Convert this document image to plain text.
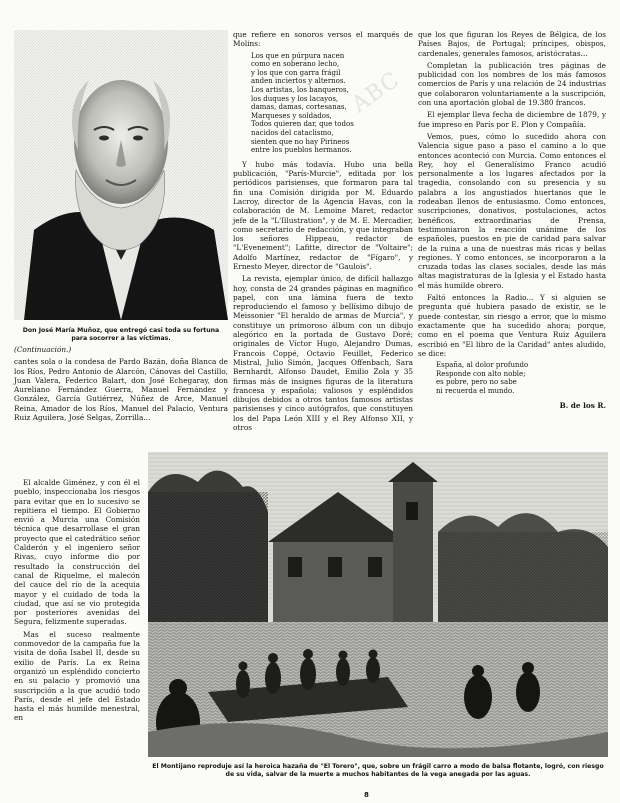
ABC
Don José María Muñoz, que entregó casi toda su fortuna para socorrer a las víctimas.

(Continuación.)

cantes sola o la condesa de Pardo Bazán, doña Blanca de los Ríos, Pedro Antonio de Alarcón, Cánovas del Castillo, Juan Valera, Federico Balart, don José Echegaray, don Aureliano Fernández Guerra, Manuel Fernández y González, García Gutiérrez, Núñez de Arce, Manuel Reina, Amador de los Ríos, Manuel del Palacio, Ventura Ruiz Aguilera, José Selgas, Zorrilla...

El alcalde Giménez, y con él el pueblo, inspeccionaba los riesgos para evitar que en lo sucesivo se repitiera el tiempo. El Gobierno envió a Murcia una Comisión técnica que desarrollase el gran proyecto que el catedrático señor Calderón y el ingeniero señor Rivas, cuyo informe dio por resultado la construcción del canal de Riquelme, el malecón del cauce del río de la acequia mayor y el cuidado de toda la ciudad, que así se vio protegida por posteriores avenidas del Segura, felizmente superadas.

Mas el suceso realmente conmovedor de la campaña fue la visita de doña Isabel II, desde su exilio de París. La ex Reina organizó un espléndido concierto en su palacio y promovió una suscripción a la que acudió todo París, desde el jefe del Estado hasta el más humilde menestral, en

que refiere en sonoros versos el marqués de Molins:

Los que en púrpura nacen
como en soberano lecho,
y los que con garra frágil
anden inciertos y alternos.
Los artistas, los banqueros,
los duques y los lacayos,
damas, damas, cortesanas,
Marqueses y soldados,
Todos quieren dar, que todos
nacidos del cataclismo,
sienten que no hay Pirineos
entre los pueblos hermanos.

Y hubo más todavía. Hubo una bella publicación, "París-Murcie", editada por los periódicos parisienses, que formaron para tal fin una Comisión dirigida por M. Eduardo Lacroy, director de la Agencia Havas, con la colaboración de M. Lemoine Maret, redactor jefe de la "L'Illustration", y de M. E. Mercadier, como secretario de redacción, y que integraban los señores Hippeau, redactor de "L'Evenement"; Lafitte, director de "Voltaire"; Adolfo Martínez, redactor de "Fígaro", y Ernesto Meyer, director de "Gaulois".

La revista, ejemplar único, de difícil hallazgo hoy, consta de 24 grandes páginas en magnífico papel, con una lámina fuera de texto reproduciendo el famoso y bellísimo dibujo de Meissonier "El heraldo de armas de Murcia", y constituye un primoroso álbum con un dibujo alegórico en la portada de Gustavo Doré; originales de Víctor Hugo, Alejandro Dumas, Francois Coppé, Octavio Feuillet, Federico Mistral, Julio Simón, Jacques Offenbach, Sara Bernhardt, Alfonso Daudet, Emilio Zola y 35 firmas más de insignes figuras de la literatura francesa y española; valiosos y espléndidos dibujos debidos a otros tantos famosos artistas parisienses y cinco autógrafos, que constituyen los del Papa León XIII y el Rey Alfonso XII, y otros

que los que figuran los Reyes de Bélgica, de los Países Bajos, de Portugal; príncipes, obispos, cardenales, generales famosos, aristócratas...

Completan la publicación tres páginas de publicidad con los nombres de los más famosos comercios de París y una relación de 24 industrias que colaboraron voluntariamente a la suscripción, con una aportación global de 19.380 francos.

El ejemplar lleva fecha de diciembre de 1879, y fue impreso en París por E. Plon y Compañía.

Vemos, pues, cómo lo sucedido ahora con Valencia sigue paso a paso el camino a lo que entonces aconteció con Murcia. Como entonces el Rey, hoy el Generalísimo Franco acudió personalmente a los lugares afectados por la tragedia, consolando con su presencia y su palabra a los angustiados huertanos que le rodeaban llenos de entusiasmo. Como entonces, suscripciones, donativos, postulaciones, actos benéficos, extraordinarias de Prensa, testimoniaron la reacción unánime de los españoles, puestos en pie de caridad para salvar de la ruina a una de nuestras más ricas y bellas regiones. Y como entonces, se incorporaron a la cruzada todas las clases sociales, desde las más altas magistraturas de la Iglesia y el Estado hasta el más humilde obrero.

Faltó entonces la Radio... Y si alguien se pregunta qué hubiera pasado de existir, se le puede contestar, sin riesgo a error, que lo mismo exactamente que ha sucedido ahora; porque, como en el poema que Ventura Ruiz Aguilera escribió en "El libro de la Caridad" antes aludido, se dice:

España, al dolor profundo
Responde con alto noble;
es pobre, pero no sabe
ni recuerda el mundo.
B. de los R.
El Montijano reproduje así la heroica hazaña de "El Torero", que, sobre un frágil carro a modo de balsa flotante, logró, con riesgo de su vida, salvar de la muerte a muchos habitantes de la vega anegada por las aguas.
8
